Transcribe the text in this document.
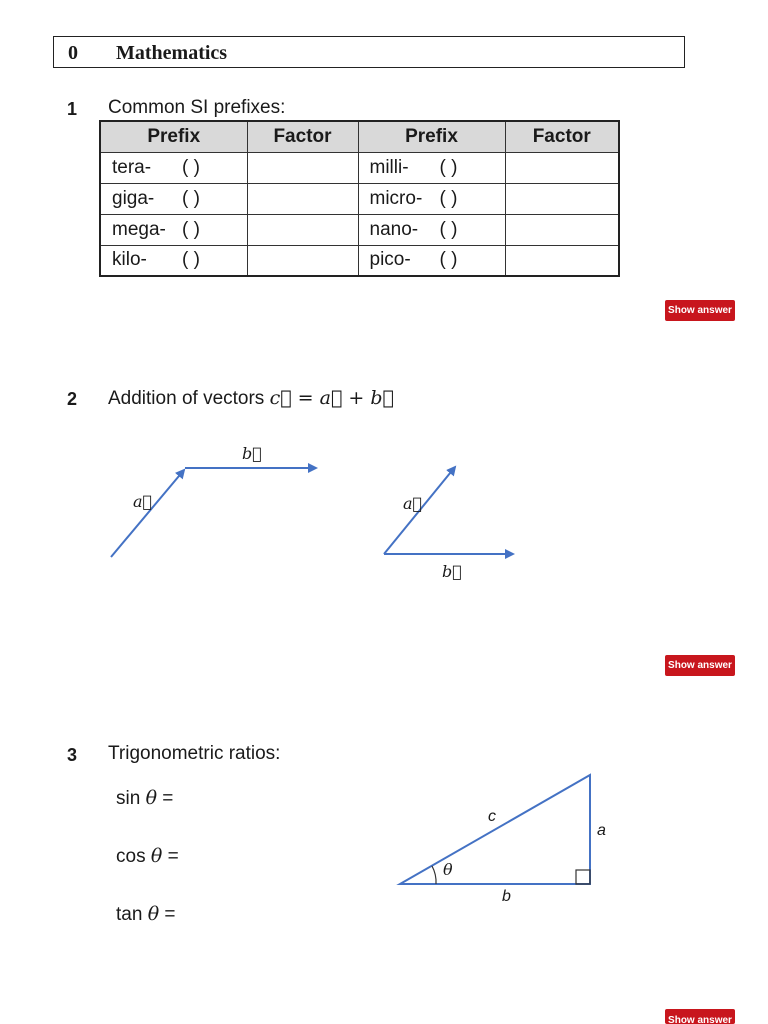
0 Mathematics
1 Common SI prefixes:
Prefix	Factor	Prefix	Factor
tera- ( )		milli- ( )	
giga- ( )		micro- ( )	
mega- ( )		nano- ( )	
kilo- ( )		pico- ( )	
Show answer
2 Addition of vectors c⃗ = a⃗ + b⃗
b⃗
a⃗	a⃗
b⃗
Show answer
3 Trigonometric ratios:
sin θ =
cos θ =
tan θ =
θ
c
a
b
Show answer
